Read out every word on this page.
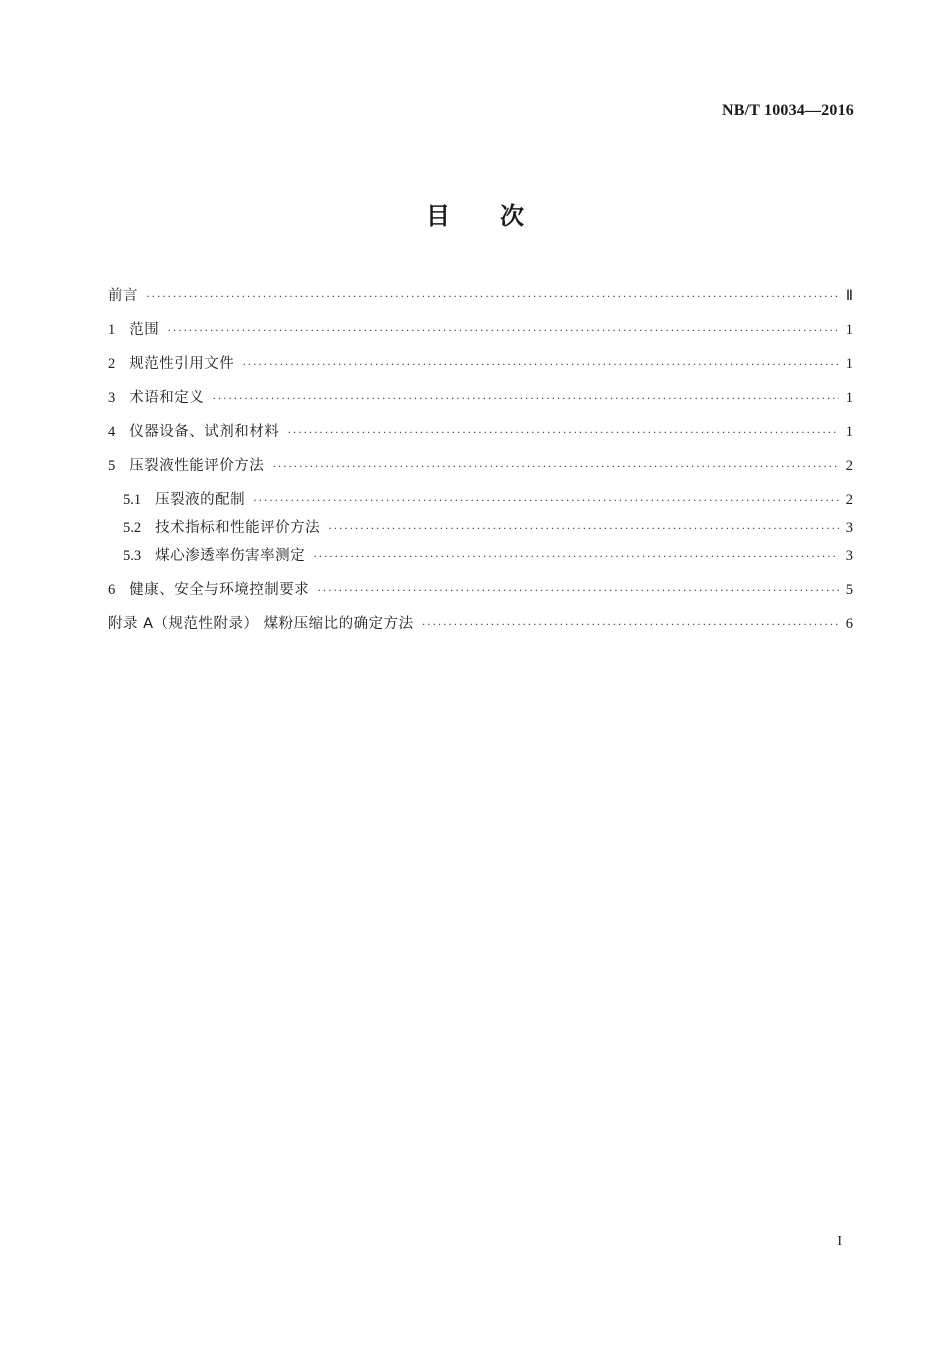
NB/T 10034—2016
目次
前言 ·····	Ⅱ
1 范围 ·····	1
2 规范性引用文件 ·····	1
3 术语和定义 ·····	1
4 仪器设备、试剂和材料 ·····	1
5 压裂液性能评价方法 ·····	2
5.1 压裂液的配制 ·····	2
5.2 技术指标和性能评价方法 ·····	3
5.3 煤心渗透率伤害率测定 ·····	3
6 健康、安全与环境控制要求 ·····	5
附录 A（规范性附录） 煤粉压缩比的确定方法 ·····	6
I
